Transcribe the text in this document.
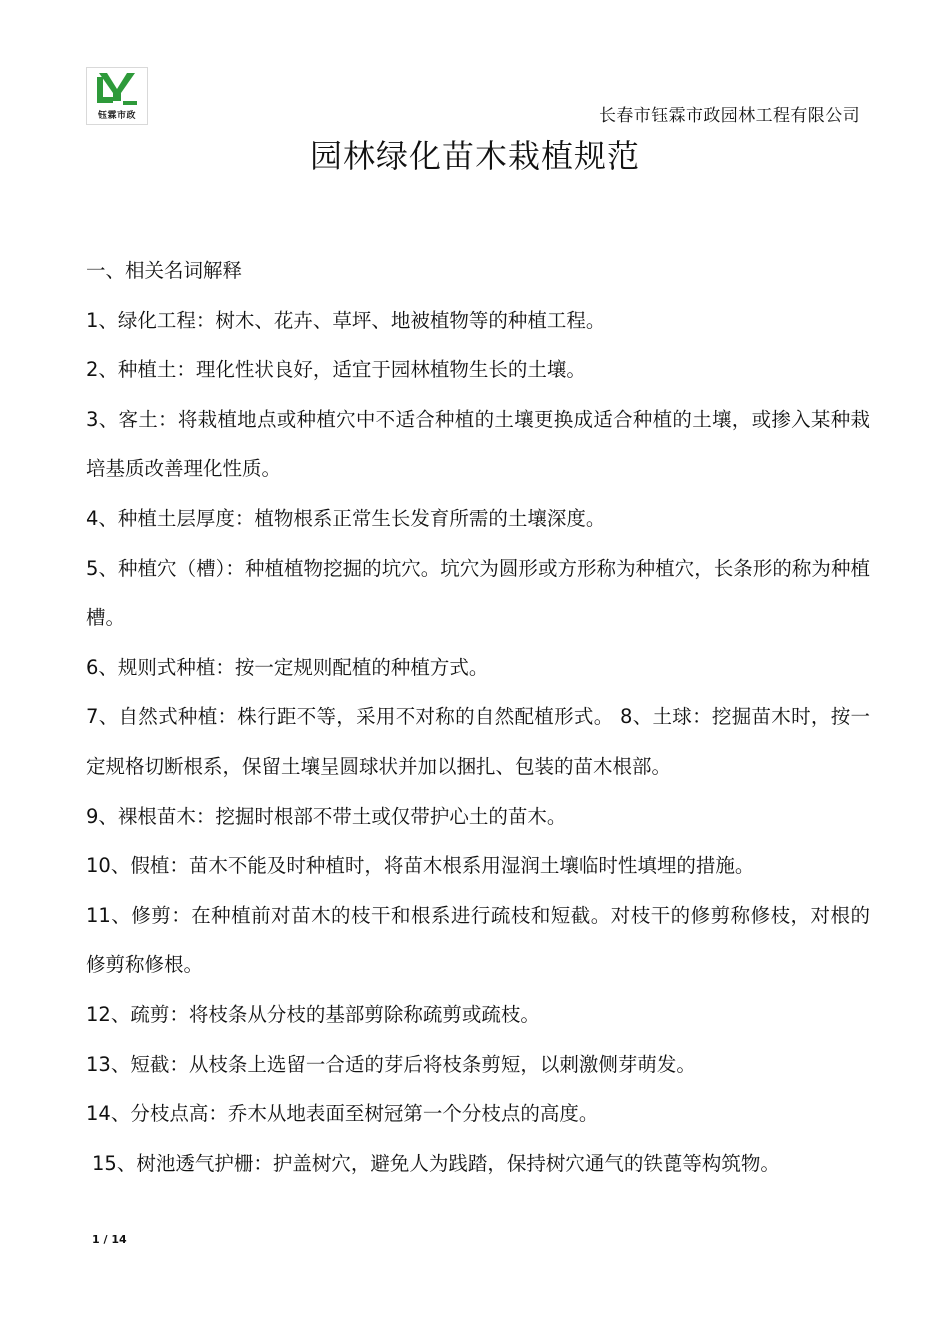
钰霖市政	长春市钰霖市政园林工程有限公司
园林绿化苗木栽植规范

一、相关名词解释

1、绿化工程：树木、花卉、草坪、地被植物等的种植工程。

2、种植土：理化性状良好，适宜于园林植物生长的土壤。

3、客土：将栽植地点或种植穴中不适合种植的土壤更换成适合种植的土壤，或掺入某种栽培基质改善理化性质。

4、种植土层厚度：植物根系正常生长发育所需的土壤深度。

5、种植穴（槽）：种植植物挖掘的坑穴。坑穴为圆形或方形称为种植穴，长条形的称为种植槽。

6、规则式种植：按一定规则配植的种植方式。

7、自然式种植：株行距不等，采用不对称的自然配植形式。 8、土球：挖掘苗木时，按一定规格切断根系，保留土壤呈圆球状并加以捆扎、包装的苗木根部。

9、裸根苗木：挖掘时根部不带土或仅带护心土的苗木。

10、假植：苗木不能及时种植时，将苗木根系用湿润土壤临时性填埋的措施。

11、修剪：在种植前对苗木的枝干和根系进行疏枝和短截。对枝干的修剪称修枝，对根的修剪称修根。

12、疏剪：将枝条从分枝的基部剪除称疏剪或疏枝。

13、短截：从枝条上选留一合适的芽后将枝条剪短，以刺激侧芽萌发。

14、分枝点高：乔木从地表面至树冠第一个分枝点的高度。

15、树池透气护栅：护盖树穴，避免人为践踏，保持树穴通气的铁蓖等构筑物。

1 / 14
